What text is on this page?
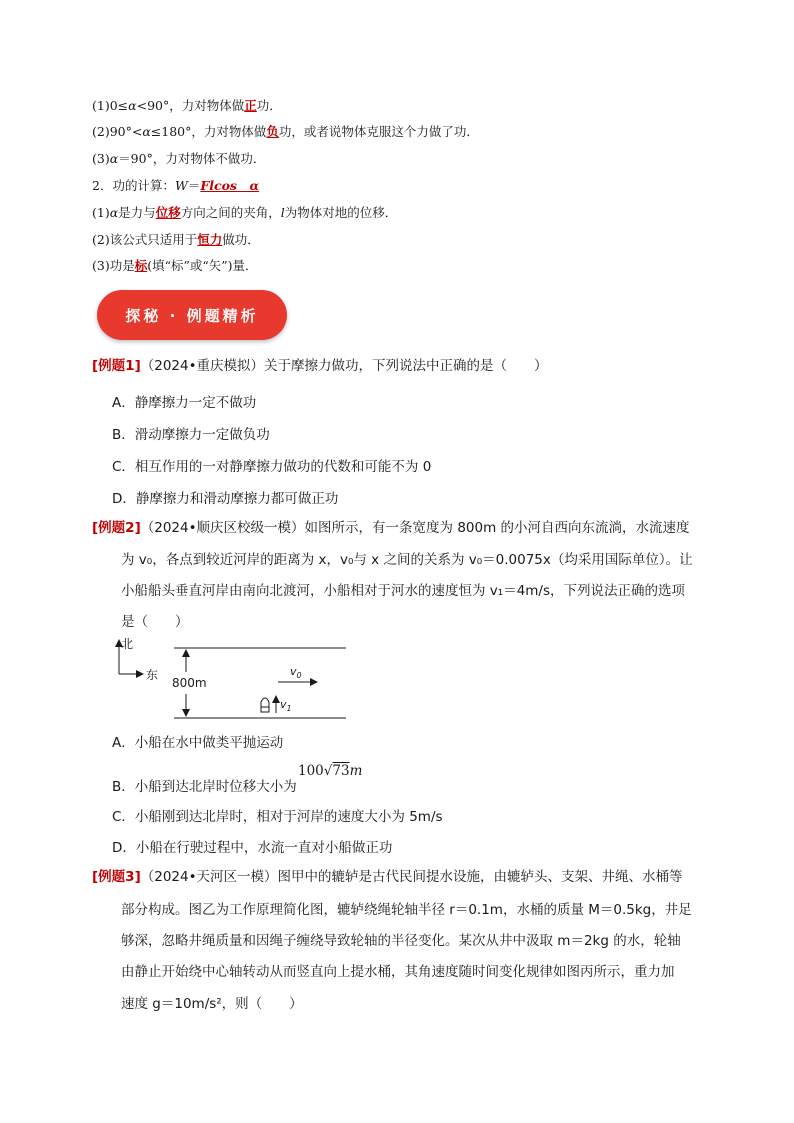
(1)0≤α<90°，力对物体做正功．
(2)90°<α≤180°，力对物体做负功，或者说物体克服这个力做了功．
(3)α＝90°，力对物体不做功．
2．功的计算：W＝Flcos　α
(1)α是力与位移方向之间的夹角，l为物体对地的位移．
(2)该公式只适用于恒力做功．
(3)功是标(填“标”或“矢”)量．
探秘 · 例题精析
[例题1]（2024•重庆模拟）关于摩擦力做功，下列说法中正确的是（　　）
A．静摩擦力一定不做功
B．滑动摩擦力一定做负功
C．相互作用的一对静摩擦力做功的代数和可能不为 0
D．静摩擦力和滑动摩擦力都可做正功
[例题2]（2024•顺庆区校级一模）如图所示，有一条宽度为 800m 的小河自西向东流淌，水流速度
为 v₀，各点到较近河岸的距离为 x，v₀与 x 之间的关系为 v₀＝0.0075x（均采用国际单位）。让
小船船头垂直河岸由南向北渡河，小船相对于河水的速度恒为 v₁＝4m/s，下列说法正确的选项
是（　　）
北
东
800m
$v_0$
$v_1$
A．小船在水中做类平抛运动
B．小船到达北岸时位移大小为
100√73m
C．小船刚到达北岸时，相对于河岸的速度大小为 5m/s
D．小船在行驶过程中，水流一直对小船做正功
[例题3]（2024•天河区一模）图甲中的辘轳是古代民间提水设施，由辘轳头、支架、井绳、水桶等
部分构成。图乙为工作原理简化图，辘轳绕绳轮轴半径 r＝0.1m，水桶的质量 M＝0.5kg，井足
够深，忽略井绳质量和因绳子缠绕导致轮轴的半径变化。某次从井中汲取 m＝2kg 的水，轮轴
由静止开始绕中心轴转动从而竖直向上提水桶，其角速度随时间变化规律如图丙所示，重力加
速度 g＝10m/s²，则（　　）
